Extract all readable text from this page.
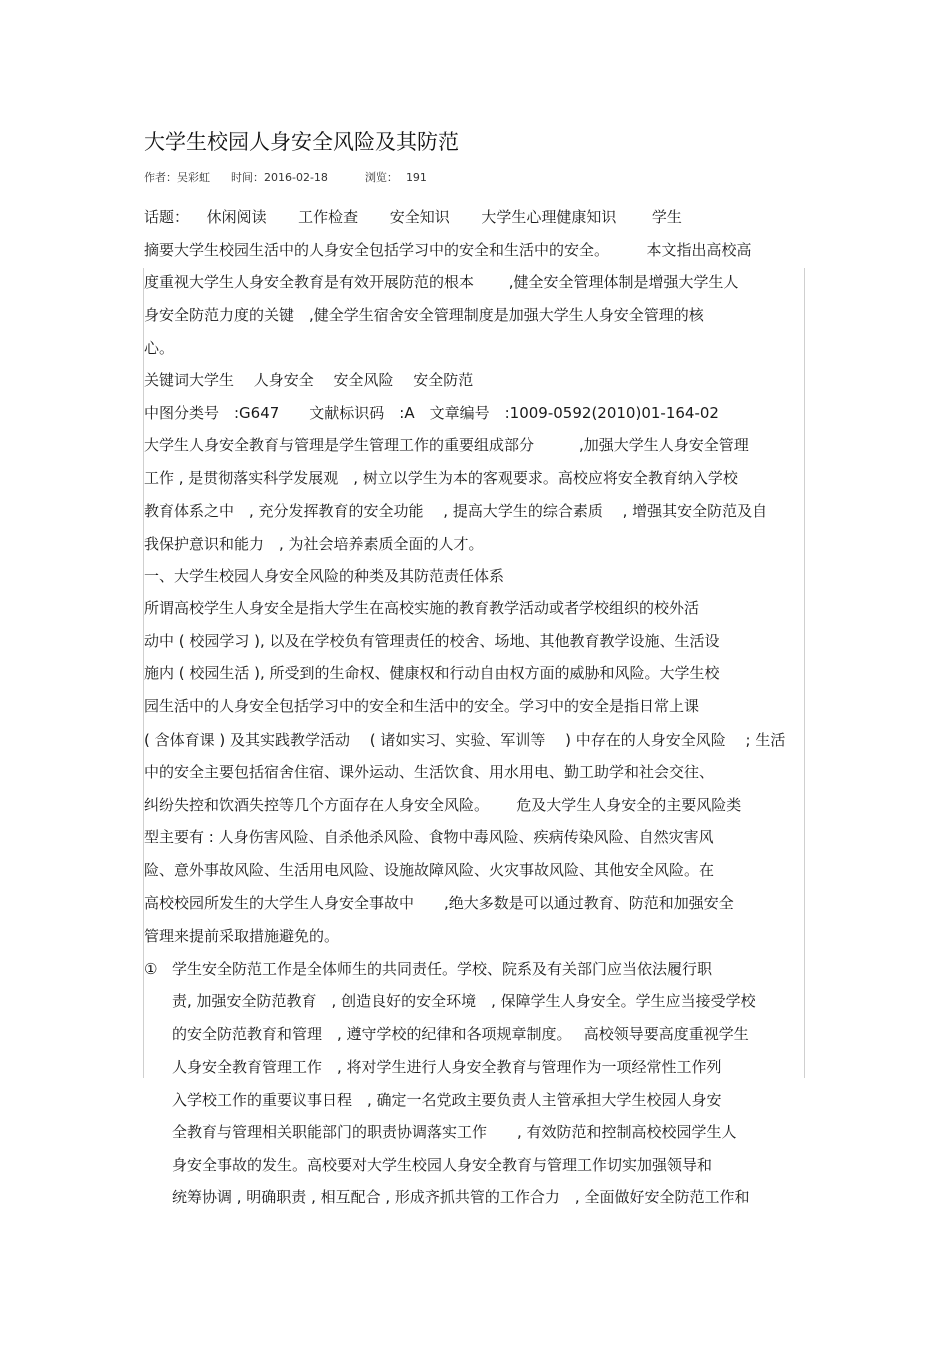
大学生校园人身安全风险及其防范
作者：吴彩虹 时间：2016-02-18	浏览： 191
话题： 休闲阅读 工作检查 安全知识 大学生心理健康知识 学生
摘要大学生校园生活中的人身安全包括学习中的安全和生活中的安全。　　　本文指出高校高
度重视大学生人身安全教育是有效开展防范的根本　　 ,健全安全管理体制是增强大学生人
身安全防范力度的关键　,健全学生宿舍安全管理制度是加强大学生人身安全管理的核
心。
关键词大学生　 人身安全　 安全风险　 安全防范
中图分类号　:G647　　文献标识码　:A　文章编号　:1009-0592(2010)01-164-02
大学生人身安全教育与管理是学生管理工作的重要组成部分　　　,加强大学生人身安全管理
工作 , 是贯彻落实科学发展观　, 树立以学生为本的客观要求。高校应将安全教育纳入学校
教育体系之中　, 充分发挥教育的安全功能　 , 提高大学生的综合素质　 , 增强其安全防范及自
我保护意识和能力　, 为社会培养素质全面的人才。
一、大学生校园人身安全风险的种类及其防范责任体系
所谓高校学生人身安全是指大学生在高校实施的教育教学活动或者学校组织的校外活
动中 ( 校园学习 ), 以及在学校负有管理责任的校舍、场地、其他教育教学设施、生活设
施内 ( 校园生活 ), 所受到的生命权、健康权和行动自由权方面的威胁和风险。大学生校
园生活中的人身安全包括学习中的安全和生活中的安全。学习中的安全是指日常上课
( 含体育课 ) 及其实践教学活动　 ( 诸如实习、实验、军训等　 ) 中存在的人身安全风险　 ; 生活
中的安全主要包括宿舍住宿、课外运动、生活饮食、用水用电、勤工助学和社会交往、
纠纷失控和饮酒失控等几个方面存在人身安全风险。　　 危及大学生人身安全的主要风险类
型主要有 : 人身伤害风险、自杀他杀风险、食物中毒风险、疾病传染风险、自然灾害风
险、意外事故风险、生活用电风险、设施故障风险、火灾事故风险、其他安全风险。在
高校校园所发生的大学生人身安全事故中　　,绝大多数是可以通过教育、防范和加强安全
管理来提前采取措施避免的。
① 学生安全防范工作是全体师生的共同责任。学校、院系及有关部门应当依法履行职
责, 加强安全防范教育　, 创造良好的安全环境　, 保障学生人身安全。学生应当接受学校
的安全防范教育和管理　, 遵守学校的纪律和各项规章制度。　 高校领导要高度重视学生
人身安全教育管理工作　, 将对学生进行人身安全教育与管理作为一项经常性工作列
入学校工作的重要议事日程　, 确定一名党政主要负责人主管承担大学生校园人身安
全教育与管理相关职能部门的职责协调落实工作　　, 有效防范和控制高校校园学生人
身安全事故的发生。高校要对大学生校园人身安全教育与管理工作切实加强领导和
统筹协调 , 明确职责 , 相互配合 , 形成齐抓共管的工作合力　, 全面做好安全防范工作和
